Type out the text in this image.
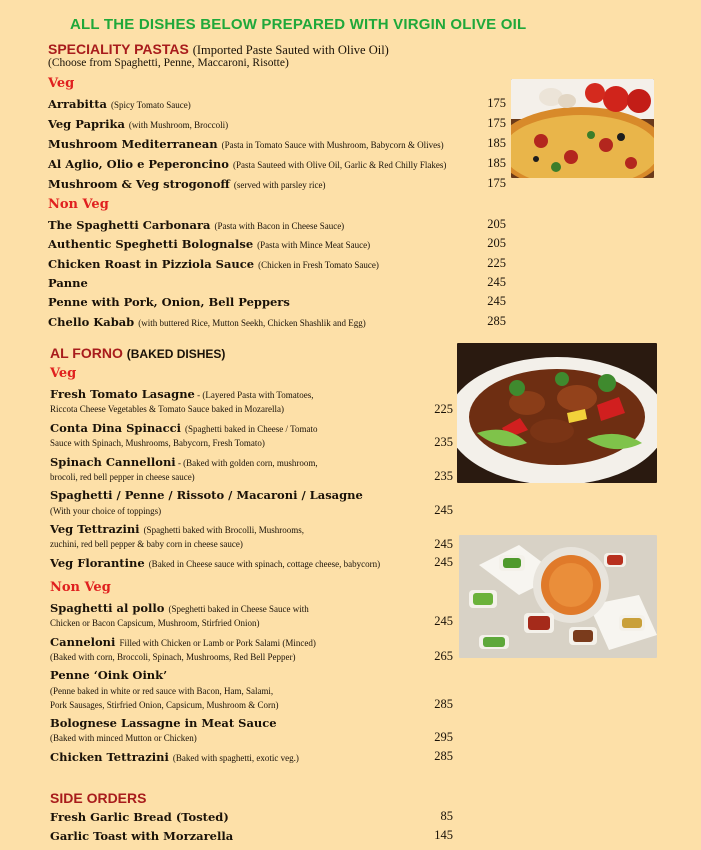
ALL THE DISHES BELOW PREPARED WITH VIRGIN OLIVE OIL
SPECIALITY PASTAS (Imported Paste Sauted with Olive Oil)
(Choose from Spaghetti, Penne, Maccaroni, Risotte)
Veg
Arrabitta (Spicy Tomato Sauce)	175
Veg Paprika (with Mushroom, Broccoli)	175
Mushroom Mediterranean (Pasta in Tomato Sauce with Mushroom, Babycorn & Olives)	185
Al Aglio, Olio e Peperoncino (Pasta Sauteed with Olive Oil, Garlic & Red Chilly Flakes)	185
Mushroom & Veg strogonoff (served with parsley rice)	175
Non Veg
The Spaghetti Carbonara (Pasta with Bacon in Cheese Sauce)	205
Authentic Speghetti Bolognalse (Pasta with Mince Meat Sauce)	205
Chicken Roast in Pizziola Sauce (Chicken in Fresh Tomato Sauce)	225
Panne	245
Penne with Pork, Onion, Bell Peppers	245
Chello Kabab (with buttered Rice, Mutton Seekh, Chicken Shashlik and Egg)	285
AL FORNO (BAKED DISHES)
Veg
Fresh Tomato Lasagne - (Layered Pasta with Tomatoes,
Riccota Cheese Vegetables & Tomato Sauce baked in Mozarella)	225
Conta Dina Spinacci (Spaghetti baked in Cheese / Tomato
Sauce with Spinach, Mushrooms, Babycorn, Fresh Tomato)	235
Spinach Cannelloni - (Baked with golden corn, mushroom,
brocoli, red bell pepper in cheese sauce)	235
Spaghetti / Penne / Rissoto / Macaroni / Lasagne
(With your choice of toppings)	245
Veg Tettrazini (Spaghetti baked with Brocolli, Mushrooms,
zuchini, red bell pepper & baby corn in cheese sauce)	245
Veg Florantine (Baked in Cheese sauce with spinach, cottage cheese, babycorn)	245
Non Veg
Spaghetti al pollo (Speghetti baked in Cheese Sauce with
Chicken or Bacon Capsicum, Mushroom, Stirfried Onion)	245
Canneloni Filled with Chicken or Lamb or Pork Salami (Minced)
(Baked with corn, Broccoli, Spinach, Mushrooms, Red Bell Pepper)	265
Penne ‘Oink Oink’
(Penne baked in white or red sauce with Bacon, Ham, Salami,
Pork Sausages, Stirfried Onion, Capsicum, Mushroom & Corn)	285
Bolognese Lassagne in Meat Sauce
(Baked with minced Mutton or Chicken)	295
Chicken Tettrazini (Baked with spaghetti, exotic veg.)	285
SIDE ORDERS
Fresh Garlic Bread (Tosted)	85
Garlic Toast with Morzarella	145
